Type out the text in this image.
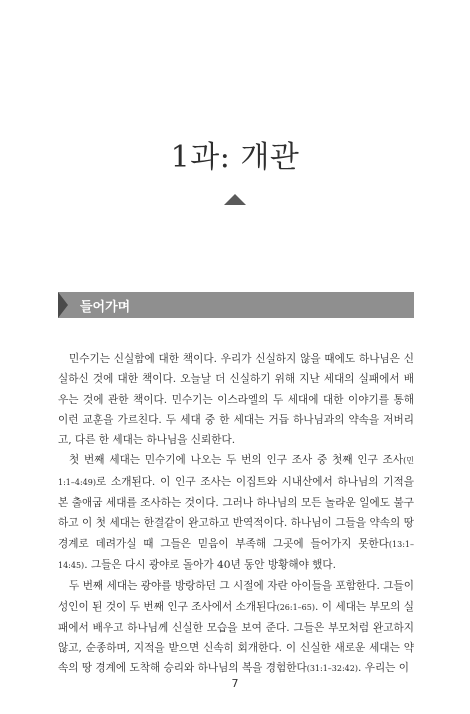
1과: 개관
들어가며

민수기는 신실함에 대한 책이다. 우리가 신실하지 않을 때에도 하나님은 신실하신 것에 대한 책이다. 오늘날 더 신실하기 위해 지난 세대의 실패에서 배우는 것에 관한 책이다. 민수기는 이스라엘의 두 세대에 대한 이야기를 통해 이런 교훈을 가르친다. 두 세대 중 한 세대는 거듭 하나님과의 약속을 저버리고, 다른 한 세대는 하나님을 신뢰한다.

첫 번째 세대는 민수기에 나오는 두 번의 인구 조사 중 첫째 인구 조사(민 1:1–4:49)로 소개된다. 이 인구 조사는 이집트와 시내산에서 하나님의 기적을 본 출애굽 세대를 조사하는 것이다. 그러나 하나님의 모든 놀라운 일에도 불구하고 이 첫 세대는 한결같이 완고하고 반역적이다. 하나님이 그들을 약속의 땅 경계로 데려가실 때 그들은 믿음이 부족해 그곳에 들어가지 못한다(13:1–14:45). 그들은 다시 광야로 돌아가 40년 동안 방황해야 했다.

두 번째 세대는 광야를 방랑하던 그 시절에 자란 아이들을 포함한다. 그들이 성인이 된 것이 두 번째 인구 조사에서 소개된다(26:1–65). 이 세대는 부모의 실패에서 배우고 하나님께 신실한 모습을 보여 준다. 그들은 부모처럼 완고하지 않고, 순종하며, 지적을 받으면 신속히 회개한다. 이 신실한 새로운 세대는 약속의 땅 경계에 도착해 승리와 하나님의 복을 경험한다(31:1–32:42). 우리는 이

7
